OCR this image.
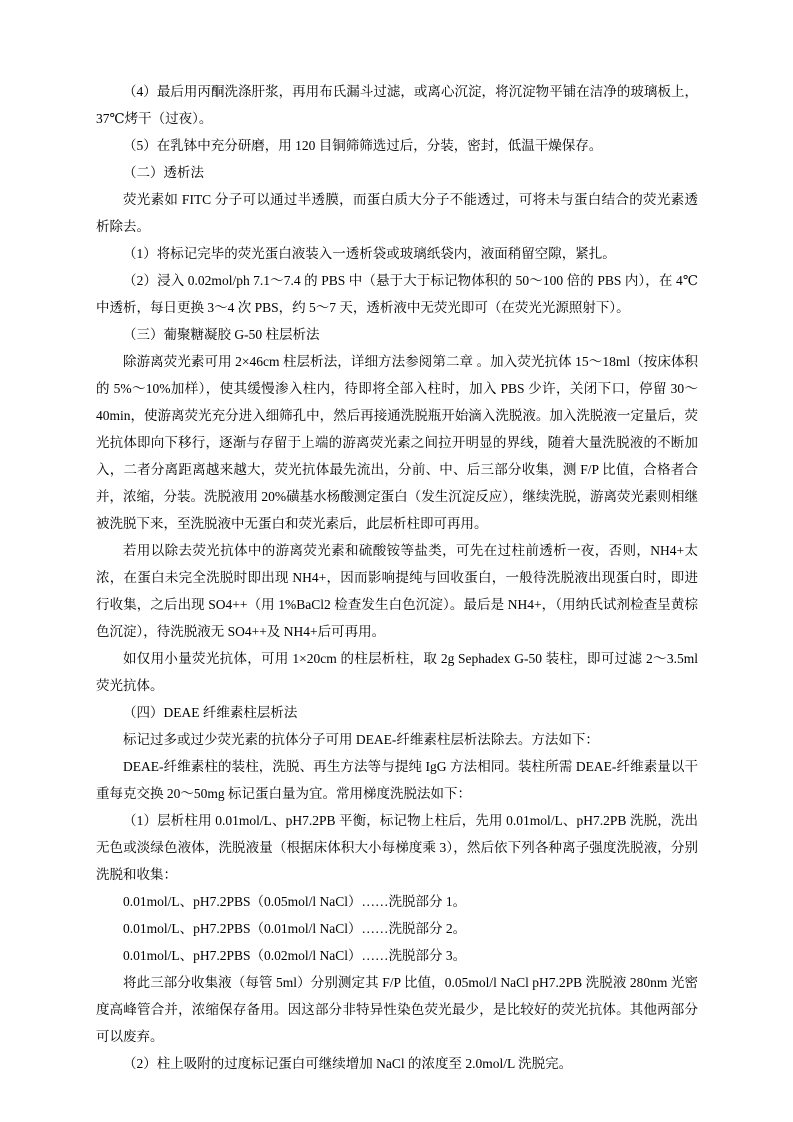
（4）最后用丙酮洗涤肝浆，再用布氏漏斗过滤，或离心沉淀，将沉淀物平铺在洁净的玻璃板上，37℃烤干（过夜）。

（5）在乳钵中充分研磨，用 120 目铜筛筛选过后，分装，密封，低温干燥保存。

（二）透析法

荧光素如 FITC 分子可以通过半透膜，而蛋白质大分子不能透过，可将未与蛋白结合的荧光素透析除去。

（1）将标记完毕的荧光蛋白液装入一透析袋或玻璃纸袋内，液面稍留空隙，紧扎。

（2）浸入 0.02mol/ph 7.1～7.4 的 PBS 中（悬于大于标记物体积的 50～100 倍的 PBS 内），在 4℃中透析，每日更换 3～4 次 PBS，约 5～7 天，透析液中无荧光即可（在荧光光源照射下）。

（三）葡聚糖凝胶 G-50 柱层析法

除游离荧光素可用 2×46cm 柱层析法，详细方法参阅第二章 。加入荧光抗体 15～18ml（按床体积的 5%～10%加样），使其缓慢渗入柱内，待即将全部入柱时，加入 PBS 少许，关闭下口，停留 30～40min，使游离荧光充分进入细筛孔中，然后再接通洗脱瓶开始滴入洗脱液。加入洗脱液一定量后，荧光抗体即向下移行，逐渐与存留于上端的游离荧光素之间拉开明显的界线，随着大量洗脱液的不断加入，二者分离距离越来越大，荧光抗体最先流出，分前、中、后三部分收集，测 F/P 比值，合格者合并，浓缩，分装。洗脱液用 20%磺基水杨酸测定蛋白（发生沉淀反应），继续洗脱，游离荧光素则相继被洗脱下来，至洗脱液中无蛋白和荧光素后，此层析柱即可再用。

若用以除去荧光抗体中的游离荧光素和硫酸铵等盐类，可先在过柱前透析一夜，否则，NH4+太浓，在蛋白未完全洗脱时即出现 NH4+，因而影响提纯与回收蛋白，一般待洗脱液出现蛋白时，即进行收集，之后出现 SO4++（用 1%BaCl2 检查发生白色沉淀）。最后是 NH4+，（用纳氏试剂检查呈黄棕色沉淀），待洗脱液无 SO4++及 NH4+后可再用。

如仅用小量荧光抗体，可用 1×20cm 的柱层析柱，取 2g Sephadex G-50 装柱，即可过滤 2～3.5ml 荧光抗体。

（四）DEAE 纤维素柱层析法

标记过多或过少荧光素的抗体分子可用 DEAE-纤维素柱层析法除去。方法如下：

DEAE-纤维素柱的装柱，洗脱、再生方法等与提纯 IgG 方法相同。装柱所需 DEAE-纤维素量以干重每克交换 20～50mg 标记蛋白量为宜。常用梯度洗脱法如下：

（1）层析柱用 0.01mol/L、pH7.2PB 平衡，标记物上柱后，先用 0.01mol/L、pH7.2PB 洗脱，洗出无色或淡绿色液体，洗脱液量（根据床体积大小每梯度乘 3），然后依下列各种离子强度洗脱液，分别洗脱和收集：

0.01mol/L、pH7.2PBS（0.05mol/l NaCl）……洗脱部分 1。

0.01mol/L、pH7.2PBS（0.01mol/l NaCl）……洗脱部分 2。

0.01mol/L、pH7.2PBS（0.02mol/l NaCl）……洗脱部分 3。

将此三部分收集液（每管 5ml）分别测定其 F/P 比值，0.05mol/l NaCl pH7.2PB 洗脱液 280nm 光密度高峰管合并，浓缩保存备用。因这部分非特异性染色荧光最少，是比较好的荧光抗体。其他两部分可以废弃。

（2）柱上吸附的过度标记蛋白可继续增加 NaCl 的浓度至 2.0mol/L 洗脱完。
